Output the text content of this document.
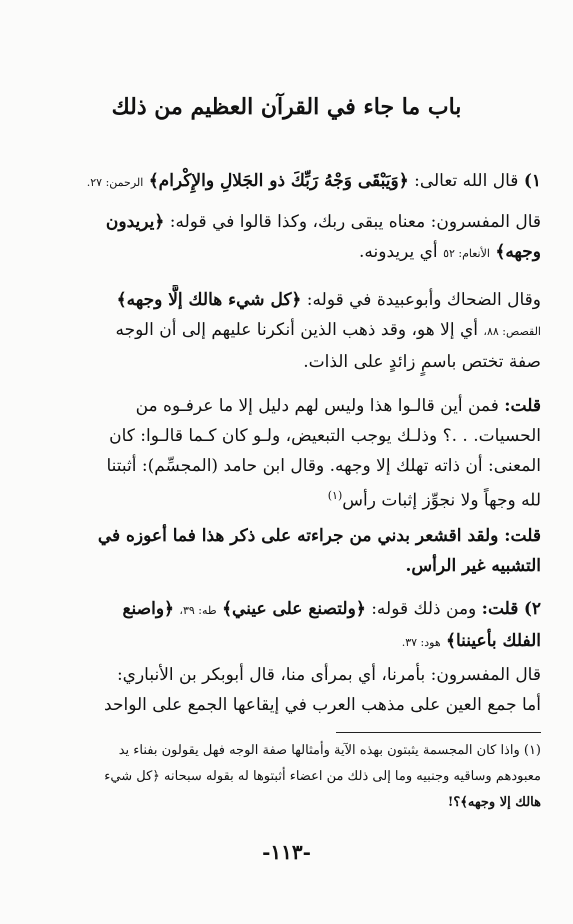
باب ما جاء في القرآن العظيم من ذلك
١) قال الله تعالى: ﴿وَيَبْقَى وَجْهُ رَبِّكَ ذو الجَلالِ والإِكْرام﴾ الرحمن: ٢٧.
قال المفسرون: معناه يبقى ربك، وكذا قالوا في قوله: ﴿يريدون
وجهه﴾ الأنعام: ٥٢ أي يريدونه.
وقال الضحاك وأبوعبيدة في قوله: ﴿كل شيء هالك إلَّا وجهه﴾
القصص: ٨٨، أي إلا هو، وقد ذهب الذين أنكرنا عليهم إلى أن الوجه
صفة تختص باسمٍ زائدٍ على الذات.
قلت: فمن أين قالـوا هذا وليس لهم دليل إلا ما عرفـوه من
الحسيات. . .؟ وذلـك يوجب التبعيض، ولـو كان كـما قالـوا: كان
المعنى: أن ذاته تهلك إلا وجهه. وقال ابن حامد (المجسِّم): أثبتنا
لله وجهاً ولا نجوِّز إثبات رأس$^{(١)}$
قلت: ولقد اقشعر بدني من جراءته على ذكر هذا فما أعوزه في
التشبيه غير الرأس.
٢) قلت: ومن ذلك قوله: ﴿ولتصنع على عيني﴾ طه: ٣٩، ﴿واصنع
الفلك بأعيننا﴾ هود: ٣٧.
قال المفسرون: بأمرنا، أي بمرأى منا، قال أبوبكر بن الأنباري:
أما جمع العين على مذهب العرب في إيقاعها الجمع على الواحد
(١) واذا كان المجسمة يثبتون بهذه الآية وأمثالها صفة الوجه فهل يقولون بفناء يد
معبودهم وساقيه وجنبيه وما إلى ذلك من اعضاء أثبتوها له بقوله سبحانه ﴿كل شيء
هالك إلا وجهه﴾؟!
-١١٣-
